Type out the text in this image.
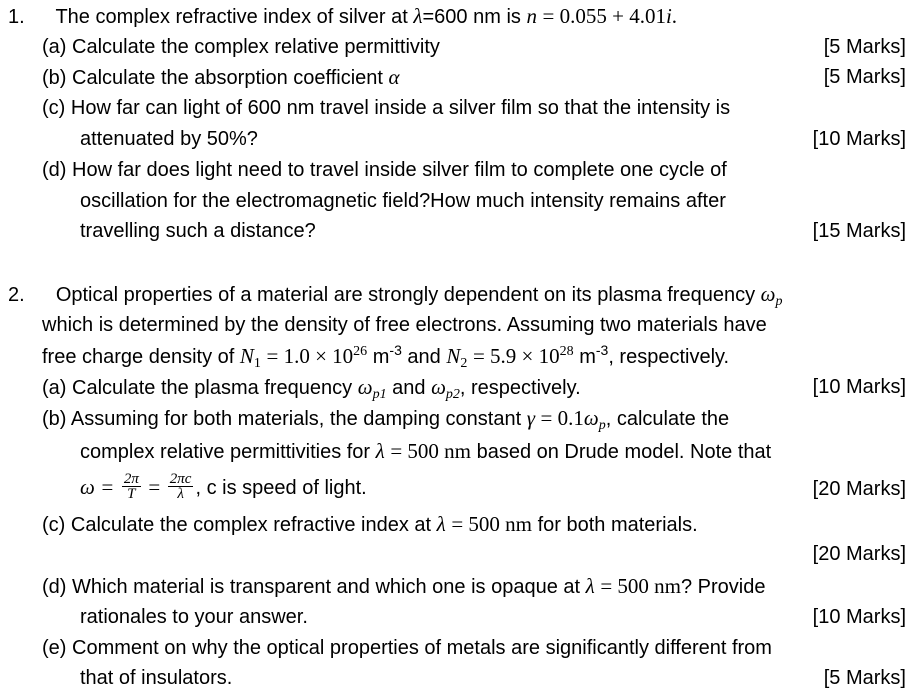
1. The complex refractive index of silver at λ=600 nm is n = 0.055 + 4.01i.
(a) Calculate the complex relative permittivity	[5 Marks]
(b) Calculate the absorption coefficient α	[5 Marks]
(c) How far can light of 600 nm travel inside a silver film so that the intensity is
attenuated by 50%?	[10 Marks]
(d) How far does light need to travel inside silver film to complete one cycle of
oscillation for the electromagnetic field?How much intensity remains after
travelling such a distance?	[15 Marks]
2. Optical properties of a material are strongly dependent on its plasma frequency $\omega_p$
which is determined by the density of free electrons. Assuming two materials have
free charge density of $N_1 = 1.0 \times 10^{26}$ $m^{-3}$ and $N_2 = 5.9 \times 10^{28}$ $m^{-3}$, respectively.
(a) Calculate the plasma frequency $\omega_{p1}$ and $\omega_{p2}$, respectively.	[10 Marks]
(b) Assuming for both materials, the damping constant $\gamma = 0.1\omega_p$, calculate the
complex relative permittivities for λ = 500 nm based on Drude model. Note that
$\omega = \frac{2\pi}{T} = \frac{2\pi c}{\lambda}$ , c is speed of light.	[20 Marks]
(c) Calculate the complex refractive index at λ = 500 nm for both materials.
[20 Marks]
(d) Which material is transparent and which one is opaque at λ = 500 nm? Provide
rationales to your answer.	[10 Marks]
(e) Comment on why the optical properties of metals are significantly different from
that of insulators.	[5 Marks]
